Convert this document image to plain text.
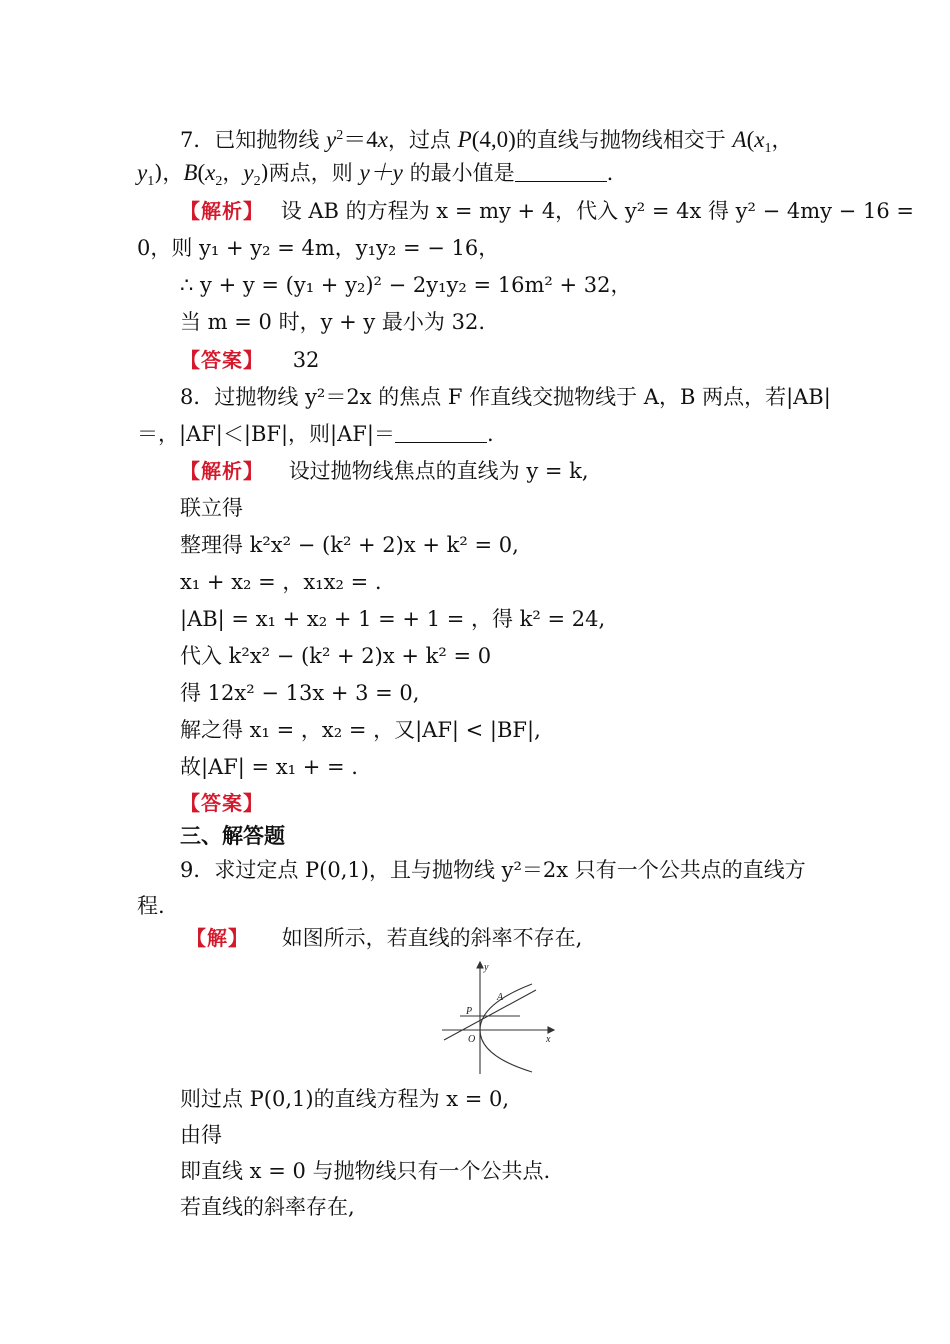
7．已知抛物线 $y^2=4x$，过点 P(4,0)的直线与抛物线相交于 $A(x_1$，
$y_1$)，$B(x_2$，$y_2$)两点，则 y＋y 的最小值是	.
【解析】 设 AB 的方程为 x = my + 4，代入 y² = 4x 得 y² − 4my − 16 =
0，则 y₁ + y₂ = 4m，y₁y₂ = − 16，
∴ y + y = (y₁ + y₂)² − 2y₁y₂ = 16m² + 32，
当 m = 0 时，y + y 最小为 32.
【答案】 32
8．过抛物线 y²＝2x 的焦点 F 作直线交抛物线于 A，B 两点，若|AB|
＝，|AF|＜|BF|，则|AF|＝	.
【解析】 设过抛物线焦点的直线为 y = k,
联立得
整理得 k²x² − (k² + 2)x + k² = 0,
x₁ + x₂ = ，x₁x₂ = .
|AB| = x₁ + x₂ + 1 = + 1 = ，得 k² = 24,
代入 k²x² − (k² + 2)x + k² = 0
得 12x² − 13x + 3 = 0,
解之得 x₁ = ，x₂ = ，又|AF| < |BF|,
故|AF| = x₁ + = .
【答案】
三、解答题
9．求过定点 P(0,1)，且与抛物线 y²＝2x 只有一个公共点的直线方
程.
【解】 如图所示，若直线的斜率不存在,
y
A
P
O	x
则过点 P(0,1)的直线方程为 x = 0,
由得
即直线 x = 0 与抛物线只有一个公共点.
若直线的斜率存在,
